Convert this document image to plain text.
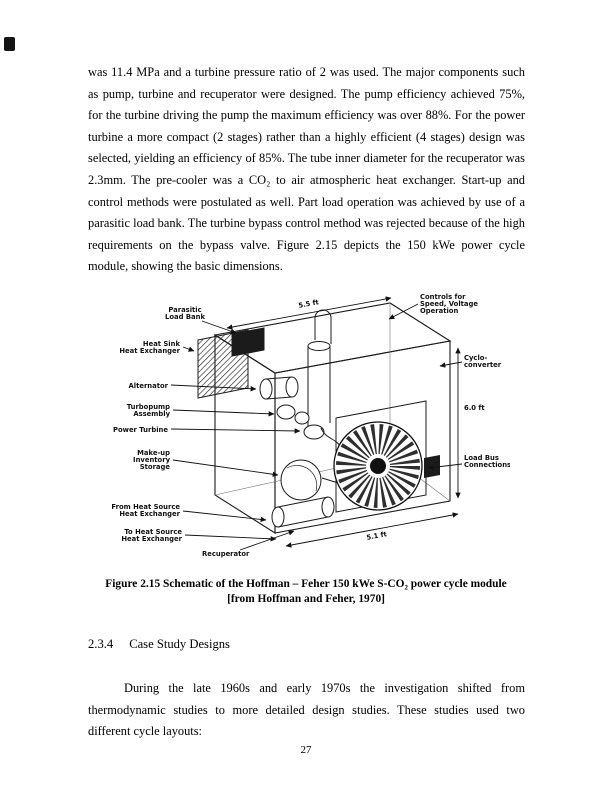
was 11.4 MPa and a turbine pressure ratio of 2 was used. The major components such as pump, turbine and recuperator were designed. The pump efficiency achieved 75%, for the turbine driving the pump the maximum efficiency was over 88%. For the power turbine a more compact (2 stages) rather than a highly efficient (4 stages) design was selected, yielding an efficiency of 85%. The tube inner diameter for the recuperator was 2.3mm. The pre-cooler was a CO₂ to air atmospheric heat exchanger. Start-up and control methods were postulated as well. Part load operation was achieved by use of a parasitic load bank. The turbine bypass control method was rejected because of the high requirements on the bypass valve. Figure 2.15 depicts the 150 kWe power cycle module, showing the basic dimensions.
Parasitic
Load Bank
Heat Sink
Heat Exchanger
Alternator
Turbopump
Assembly
Power Turbine
Make-up
Inventory
Storage
From Heat Source
Heat Exchanger
To Heat Source
Heat Exchanger
Recuperator
Controls for
Speed, Voltage
Operation
Cyclo-
converter
6.0 ft
Load Bus
Connections
5.5 ft
5.1 ft
Figure 2.15 Schematic of the Hoffman – Feher 150 kWe S-CO₂ power cycle module
[from Hoffman and Feher, 1970]
2.3.4 Case Study Designs
During the late 1960s and early 1970s the investigation shifted from thermodynamic studies to more detailed design studies. These studies used two different cycle layouts:
27
